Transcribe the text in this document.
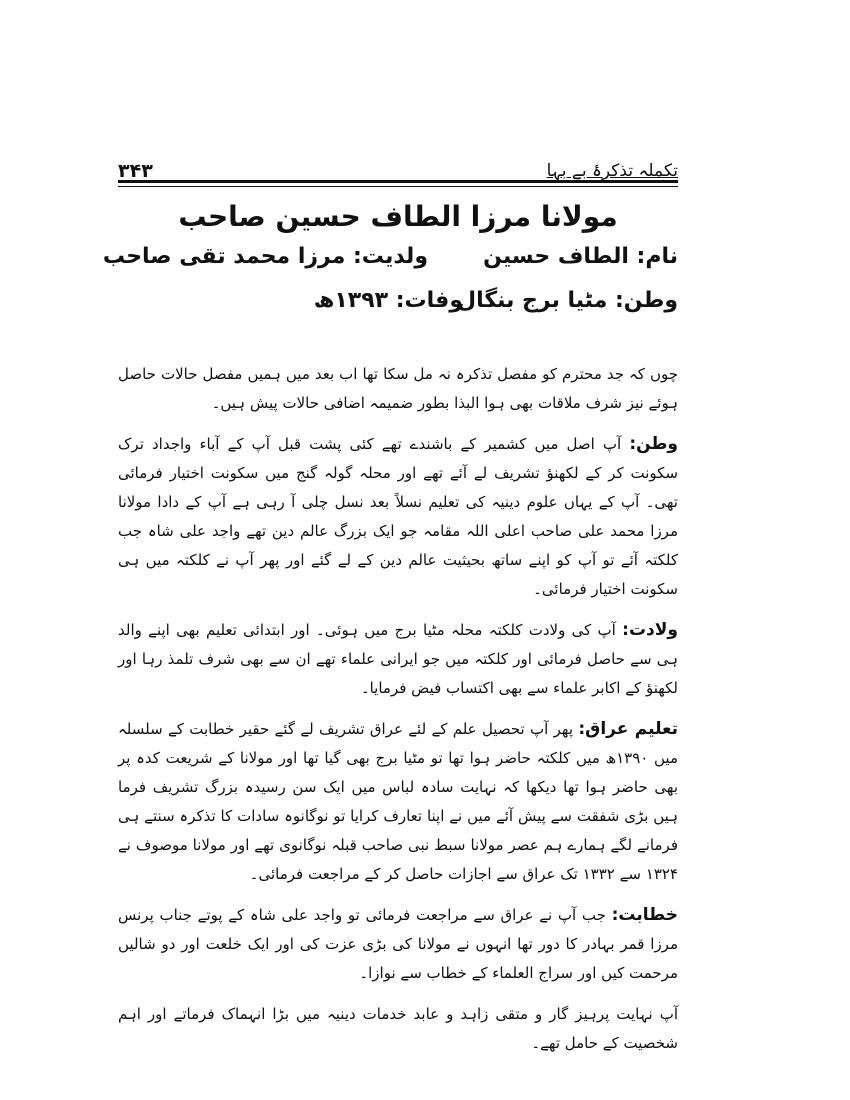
۳۴۳	تکملہ تذکرۂ بے بہا
مولانا مرزا الطاف حسین صاحب
نام: الطاف حسین
ولدیت: مرزا محمد تقی صاحب
وطن: مٹیا برج بنگال
وفات: ۱۳۹۳ھ

چوں کہ جد محترم کو مفصل تذکرہ نہ مل سکا تھا اب بعد میں ہمیں مفصل حالات حاصل ہوئے نیز شرف ملاقات بھی ہوا البذا بطور ضمیمہ اضافی حالات پیش ہیں۔

وطن: آپ اصل میں کشمیر کے باشندے تھے کئی پشت قبل آپ کے آباء واجداد ترک سکونت کر کے لکھنؤ تشریف لے آئے تھے اور محلہ گولہ گنج میں سکونت اختیار فرمائی تھی۔ آپ کے یہاں علوم دینیہ کی تعلیم نسلاً بعد نسل چلی آ رہی ہے آپ کے دادا مولانا مرزا محمد علی صاحب اعلی اللہ مقامہ جو ایک بزرگ عالم دین تھے واجد علی شاہ جب کلکتہ آئے تو آپ کو اپنے ساتھ بحیثیت عالم دین کے لے گئے اور پھر آپ نے کلکتہ میں ہی سکونت اختیار فرمائی۔

ولادت: آپ کی ولادت کلکتہ محلہ مٹیا برج میں ہوئی۔ اور ابتدائی تعلیم بھی اپنے والد ہی سے حاصل فرمائی اور کلکتہ میں جو ایرانی علماء تھے ان سے بھی شرف تلمذ رہا اور لکھنؤ کے اکابر علماء سے بھی اکتساب فیض فرمایا۔

تعلیم عراق: پھر آپ تحصیل علم کے لئے عراق تشریف لے گئے حقیر خطابت کے سلسلہ میں ۱۳۹۰ھ میں کلکتہ حاضر ہوا تھا تو مٹیا برج بھی گیا تھا اور مولانا کے شریعت کدہ پر بھی حاضر ہوا تھا دیکھا کہ نہایت سادہ لباس میں ایک سن رسیدہ بزرگ تشریف فرما ہیں بڑی شفقت سے پیش آئے میں نے اپنا تعارف کرایا تو نوگانوہ سادات کا تذکرہ سنتے ہی فرمانے لگے ہمارے ہم عصر مولانا سبط نبی صاحب قبلہ نوگانوی تھے اور مولانا موصوف نے ۱۳۲۴ سے ۱۳۳۲ تک عراق سے اجازات حاصل کر کے مراجعت فرمائی۔

خطابت: جب آپ نے عراق سے مراجعت فرمائی تو واجد علی شاہ کے پوتے جناب پرنس مرزا قمر بہادر کا دور تھا انہوں نے مولانا کی بڑی عزت کی اور ایک خلعت اور دو شالیں مرحمت کیں اور سراج العلماء کے خطاب سے نوازا۔

آپ نہایت پرہیز گار و متقی زاہد و عابد خدمات دینیہ میں بڑا انہماک فرماتے اور اہم شخصیت کے حامل تھے۔
